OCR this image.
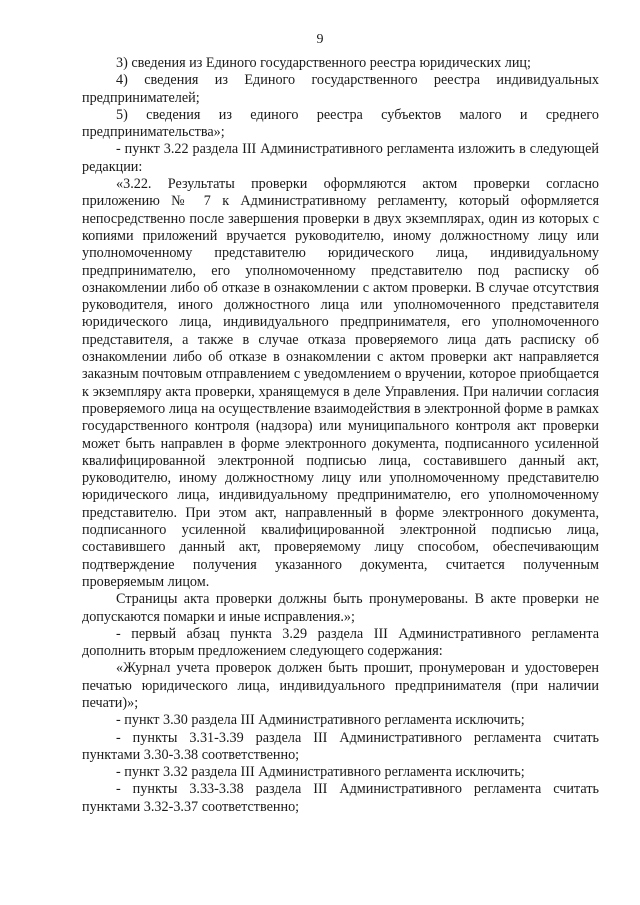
9

3) сведения из Единого государственного реестра юридических лиц;

4) сведения из Единого государственного реестра индивидуальных предпринимателей;

5) сведения из единого реестра субъектов малого и среднего предпринимательства»;

- пункт 3.22 раздела III Административного регламента изложить в следующей редакции:

«3.22. Результаты проверки оформляются актом проверки согласно приложению № 7 к Административному регламенту, который оформляется непосредственно после завершения проверки в двух экземплярах, один из которых с копиями приложений вручается руководителю, иному должностному лицу или уполномоченному представителю юридического лица, индивидуальному предпринимателю, его уполномоченному представителю под расписку об ознакомлении либо об отказе в ознакомлении с актом проверки. В случае отсутствия руководителя, иного должностного лица или уполномоченного представителя юридического лица, индивидуального предпринимателя, его уполномоченного представителя, а также в случае отказа проверяемого лица дать расписку об ознакомлении либо об отказе в ознакомлении с актом проверки акт направляется заказным почтовым отправлением с уведомлением о вручении, которое приобщается к экземпляру акта проверки, хранящемуся в деле Управления. При наличии согласия проверяемого лица на осуществление взаимодействия в электронной форме в рамках государственного контроля (надзора) или муниципального контроля акт проверки может быть направлен в форме электронного документа, подписанного усиленной квалифицированной электронной подписью лица, составившего данный акт, руководителю, иному должностному лицу или уполномоченному представителю юридического лица, индивидуальному предпринимателю, его уполномоченному представителю. При этом акт, направленный в форме электронного документа, подписанного усиленной квалифицированной электронной подписью лица, составившего данный акт, проверяемому лицу способом, обеспечивающим подтверждение получения указанного документа, считается полученным проверяемым лицом.

Страницы акта проверки должны быть пронумерованы. В акте проверки не допускаются помарки и иные исправления.»;

- первый абзац пункта 3.29 раздела III Административного регламента дополнить вторым предложением следующего содержания:

«Журнал учета проверок должен быть прошит, пронумерован и удостоверен печатью юридического лица, индивидуального предпринимателя (при наличии печати)»;

- пункт 3.30 раздела III Административного регламента исключить;

- пункты 3.31-3.39 раздела III Административного регламента считать пунктами 3.30-3.38 соответственно;

- пункт 3.32 раздела III Административного регламента исключить;

- пункты 3.33-3.38 раздела III Административного регламента считать пунктами 3.32-3.37 соответственно;
